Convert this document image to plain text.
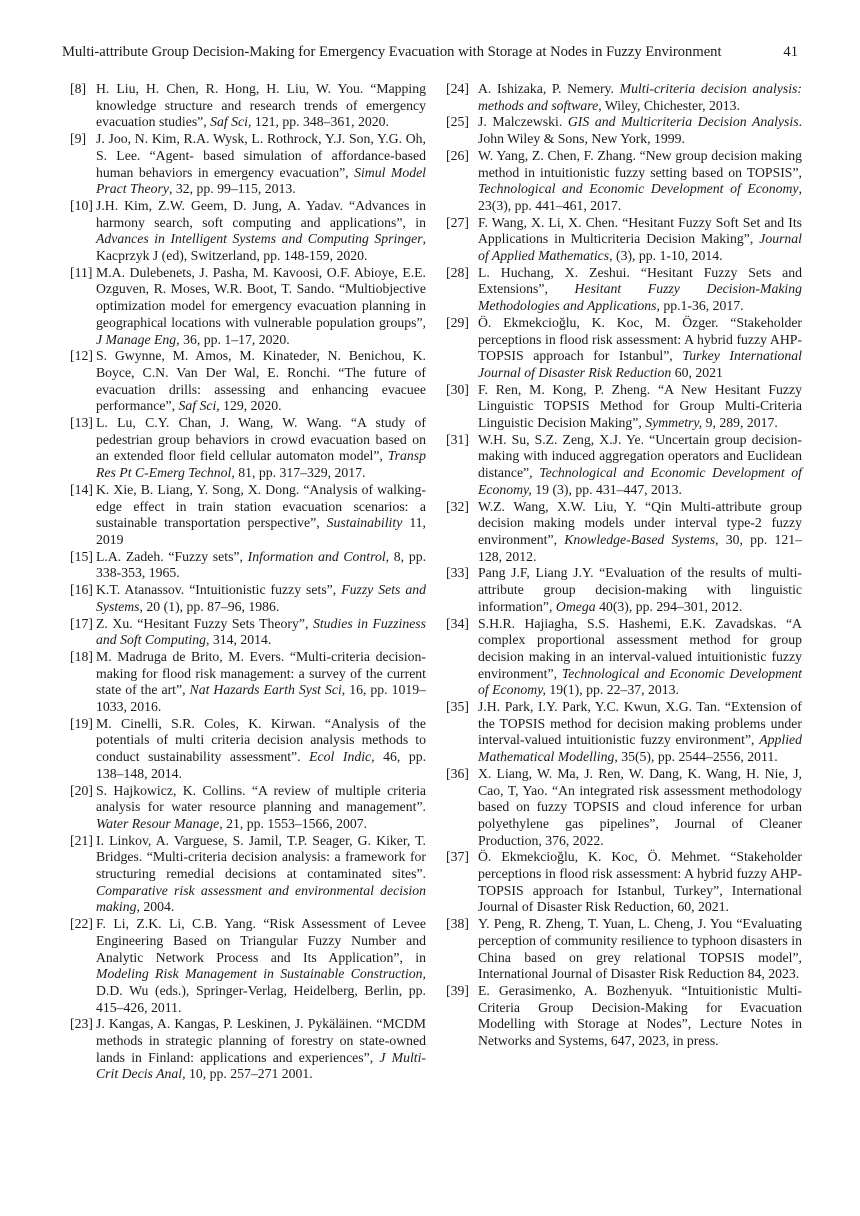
Multi-attribute Group Decision-Making for Emergency Evacuation with Storage at Nodes in Fuzzy Environment	41
[8] H. Liu, H. Chen, R. Hong, H. Liu, W. You. “Mapping knowledge structure and research trends of emergency evacuation studies”, Saf Sci, 121, pp. 348–361, 2020.
[9] J. Joo, N. Kim, R.A. Wysk, L. Rothrock, Y.J. Son, Y.G. Oh, S. Lee. “Agent- based simulation of affordance-based human behaviors in emergency evacuation”, Simul Model Pract Theory, 32, pp. 99–115, 2013.
[10] J.H. Kim, Z.W. Geem, D. Jung, A. Yadav. “Advances in harmony search, soft computing and applications”, in Advances in Intelligent Systems and Computing Springer, Kacprzyk J (ed), Switzerland, pp. 148-159, 2020.
[11] M.A. Dulebenets, J. Pasha, M. Kavoosi, O.F. Abioye, E.E. Ozguven, R. Moses, W.R. Boot, T. Sando. “Multiobjective optimization model for emergency evacuation planning in geographical locations with vulnerable population groups”, J Manage Eng, 36, pp. 1–17, 2020.
[12] S. Gwynne, M. Amos, M. Kinateder, N. Benichou, K. Boyce, C.N. Van Der Wal, E. Ronchi. “The future of evacuation drills: assessing and enhancing evacuee performance”, Saf Sci, 129, 2020.
[13] L. Lu, C.Y. Chan, J. Wang, W. Wang. “A study of pedestrian group behaviors in crowd evacuation based on an extended floor field cellular automaton model”, Transp Res Pt C-Emerg Technol, 81, pp. 317–329, 2017.
[14] K. Xie, B. Liang, Y. Song, X. Dong. “Analysis of walking-edge effect in train station evacuation scenarios: a sustainable transportation perspective”, Sustainability 11, 2019
[15] L.A. Zadeh. “Fuzzy sets”, Information and Control, 8, pp. 338-353, 1965.
[16] K.T. Atanassov. “Intuitionistic fuzzy sets”, Fuzzy Sets and Systems, 20 (1), pp. 87–96, 1986.
[17] Z. Xu. “Hesitant Fuzzy Sets Theory”, Studies in Fuzziness and Soft Computing, 314, 2014.
[18] M. Madruga de Brito, M. Evers. “Multi-criteria decision-making for flood risk management: a survey of the current state of the art”, Nat Hazards Earth Syst Sci, 16, pp. 1019–1033, 2016.
[19] M. Cinelli, S.R. Coles, K. Kirwan. “Analysis of the potentials of multi criteria decision analysis methods to conduct sustainability assessment”. Ecol Indic, 46, pp. 138–148, 2014.
[20] S. Hajkowicz, K. Collins. “A review of multiple criteria analysis for water resource planning and management”. Water Resour Manage, 21, pp. 1553–1566, 2007.
[21] I. Linkov, A. Varguese, S. Jamil, T.P. Seager, G. Kiker, T. Bridges. “Multi-criteria decision analysis: a framework for structuring remedial decisions at contaminated sites”. Comparative risk assessment and environmental decision making, 2004.
[22] F. Li, Z.K. Li, C.B. Yang. “Risk Assessment of Levee Engineering Based on Triangular Fuzzy Number and Analytic Network Process and Its Application”, in Modeling Risk Management in Sustainable Construction, D.D. Wu (eds.), Springer-Verlag, Heidelberg, Berlin, pp. 415–426, 2011.
[23] J. Kangas, A. Kangas, P. Leskinen, J. Pykäläinen. “MCDM methods in strategic planning of forestry on state-owned lands in Finland: applications and experiences”, J Multi-Crit Decis Anal, 10, pp. 257–271 2001.
[24] A. Ishizaka, P. Nemery. Multi-criteria decision analysis: methods and software, Wiley, Chichester, 2013.
[25] J. Malczewski. GIS and Multicriteria Decision Analysis. John Wiley & Sons, New York, 1999.
[26] W. Yang, Z. Chen, F. Zhang. “New group decision making method in intuitionistic fuzzy setting based on TOPSIS”, Technological and Economic Development of Economy, 23(3), pp. 441–461, 2017.
[27] F. Wang, X. Li, X. Chen. “Hesitant Fuzzy Soft Set and Its Applications in Multicriteria Decision Making”, Journal of Applied Mathematics, (3), pp. 1-10, 2014.
[28] L. Huchang, X. Zeshui. “Hesitant Fuzzy Sets and Extensions”, Hesitant Fuzzy Decision-Making Methodologies and Applications, pp.1-36, 2017.
[29] Ö. Ekmekcioğlu, K. Koc, M. Özger. “Stakeholder perceptions in flood risk assessment: A hybrid fuzzy AHP-TOPSIS approach for Istanbul”, Turkey International Journal of Disaster Risk Reduction 60, 2021
[30] F. Ren, M. Kong, P. Zheng. “A New Hesitant Fuzzy Linguistic TOPSIS Method for Group Multi-Criteria Linguistic Decision Making”, Symmetry, 9, 289, 2017.
[31] W.H. Su, S.Z. Zeng, X.J. Ye. “Uncertain group decision-making with induced aggregation operators and Euclidean distance”, Technological and Economic Development of Economy, 19 (3), pp. 431–447, 2013.
[32] W.Z. Wang, X.W. Liu, Y. “Qin Multi-attribute group decision making models under interval type-2 fuzzy environment”, Knowledge-Based Systems, 30, pp. 121–128, 2012.
[33] Pang J.F, Liang J.Y. “Evaluation of the results of multi-attribute group decision-making with linguistic information”, Omega 40(3), pp. 294–301, 2012.
[34] S.H.R. Hajiagha, S.S. Hashemi, E.K. Zavadskas. “A complex proportional assessment method for group decision making in an interval-valued intuitionistic fuzzy environment”, Technological and Economic Development of Economy, 19(1), pp. 22–37, 2013.
[35] J.H. Park, I.Y. Park, Y.C. Kwun, X.G. Tan. “Extension of the TOPSIS method for decision making problems under interval-valued intuitionistic fuzzy environment”, Applied Mathematical Modelling, 35(5), pp. 2544–2556, 2011.
[36] X. Liang, W. Ma, J. Ren, W. Dang, K. Wang, H. Nie, J, Cao, T, Yao. “An integrated risk assessment methodology based on fuzzy TOPSIS and cloud inference for urban polyethylene gas pipelines”, Journal of Cleaner Production, 376, 2022.
[37] Ö. Ekmekcioğlu, K. Koc, Ö. Mehmet. “Stakeholder perceptions in flood risk assessment: A hybrid fuzzy AHP-TOPSIS approach for Istanbul, Turkey”, International Journal of Disaster Risk Reduction, 60, 2021.
[38] Y. Peng, R. Zheng, T. Yuan, L. Cheng, J. You “Evaluating perception of community resilience to typhoon disasters in China based on grey relational TOPSIS model”, International Journal of Disaster Risk Reduction 84, 2023.
[39] E. Gerasimenko, A. Bozhenyuk. “Intuitionistic Multi-Criteria Group Decision-Making for Evacuation Modelling with Storage at Nodes”, Lecture Notes in Networks and Systems, 647, 2023, in press.
